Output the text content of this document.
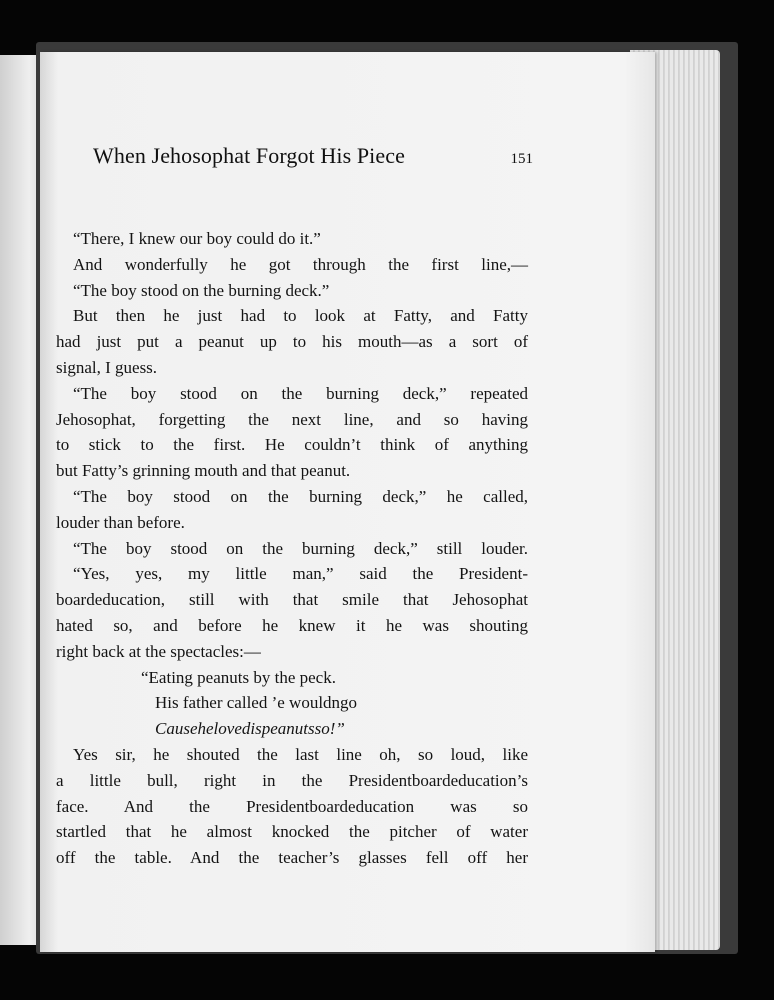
When Jehosophat Forgot His Piece	151
“There, I knew our boy could do it.”
And wonderfully he got through the first line,—
“The boy stood on the burning deck.”
But then he just had to look at Fatty, and Fatty
had just put a peanut up to his mouth—as a sort of
signal, I guess.
“The boy stood on the burning deck,” repeated
Jehosophat, forgetting the next line, and so having
to stick to the first. He couldn’t think of anything
but Fatty’s grinning mouth and that peanut.
“The boy stood on the burning deck,” he called,
louder than before.
“The boy stood on the burning deck,” still louder.
“Yes, yes, my little man,” said the President-
boardeducation, still with that smile that Jehosophat
hated so, and before he knew it he was shouting
right back at the spectacles:—
“Eating peanuts by the peck.
His father called ’e wouldngo
Causehelovedispeanutsso!”
Yes sir, he shouted the last line oh, so loud, like
a little bull, right in the Presidentboardeducation’s
face. And the Presidentboardeducation was so
startled that he almost knocked the pitcher of water
off the table. And the teacher’s glasses fell off her
